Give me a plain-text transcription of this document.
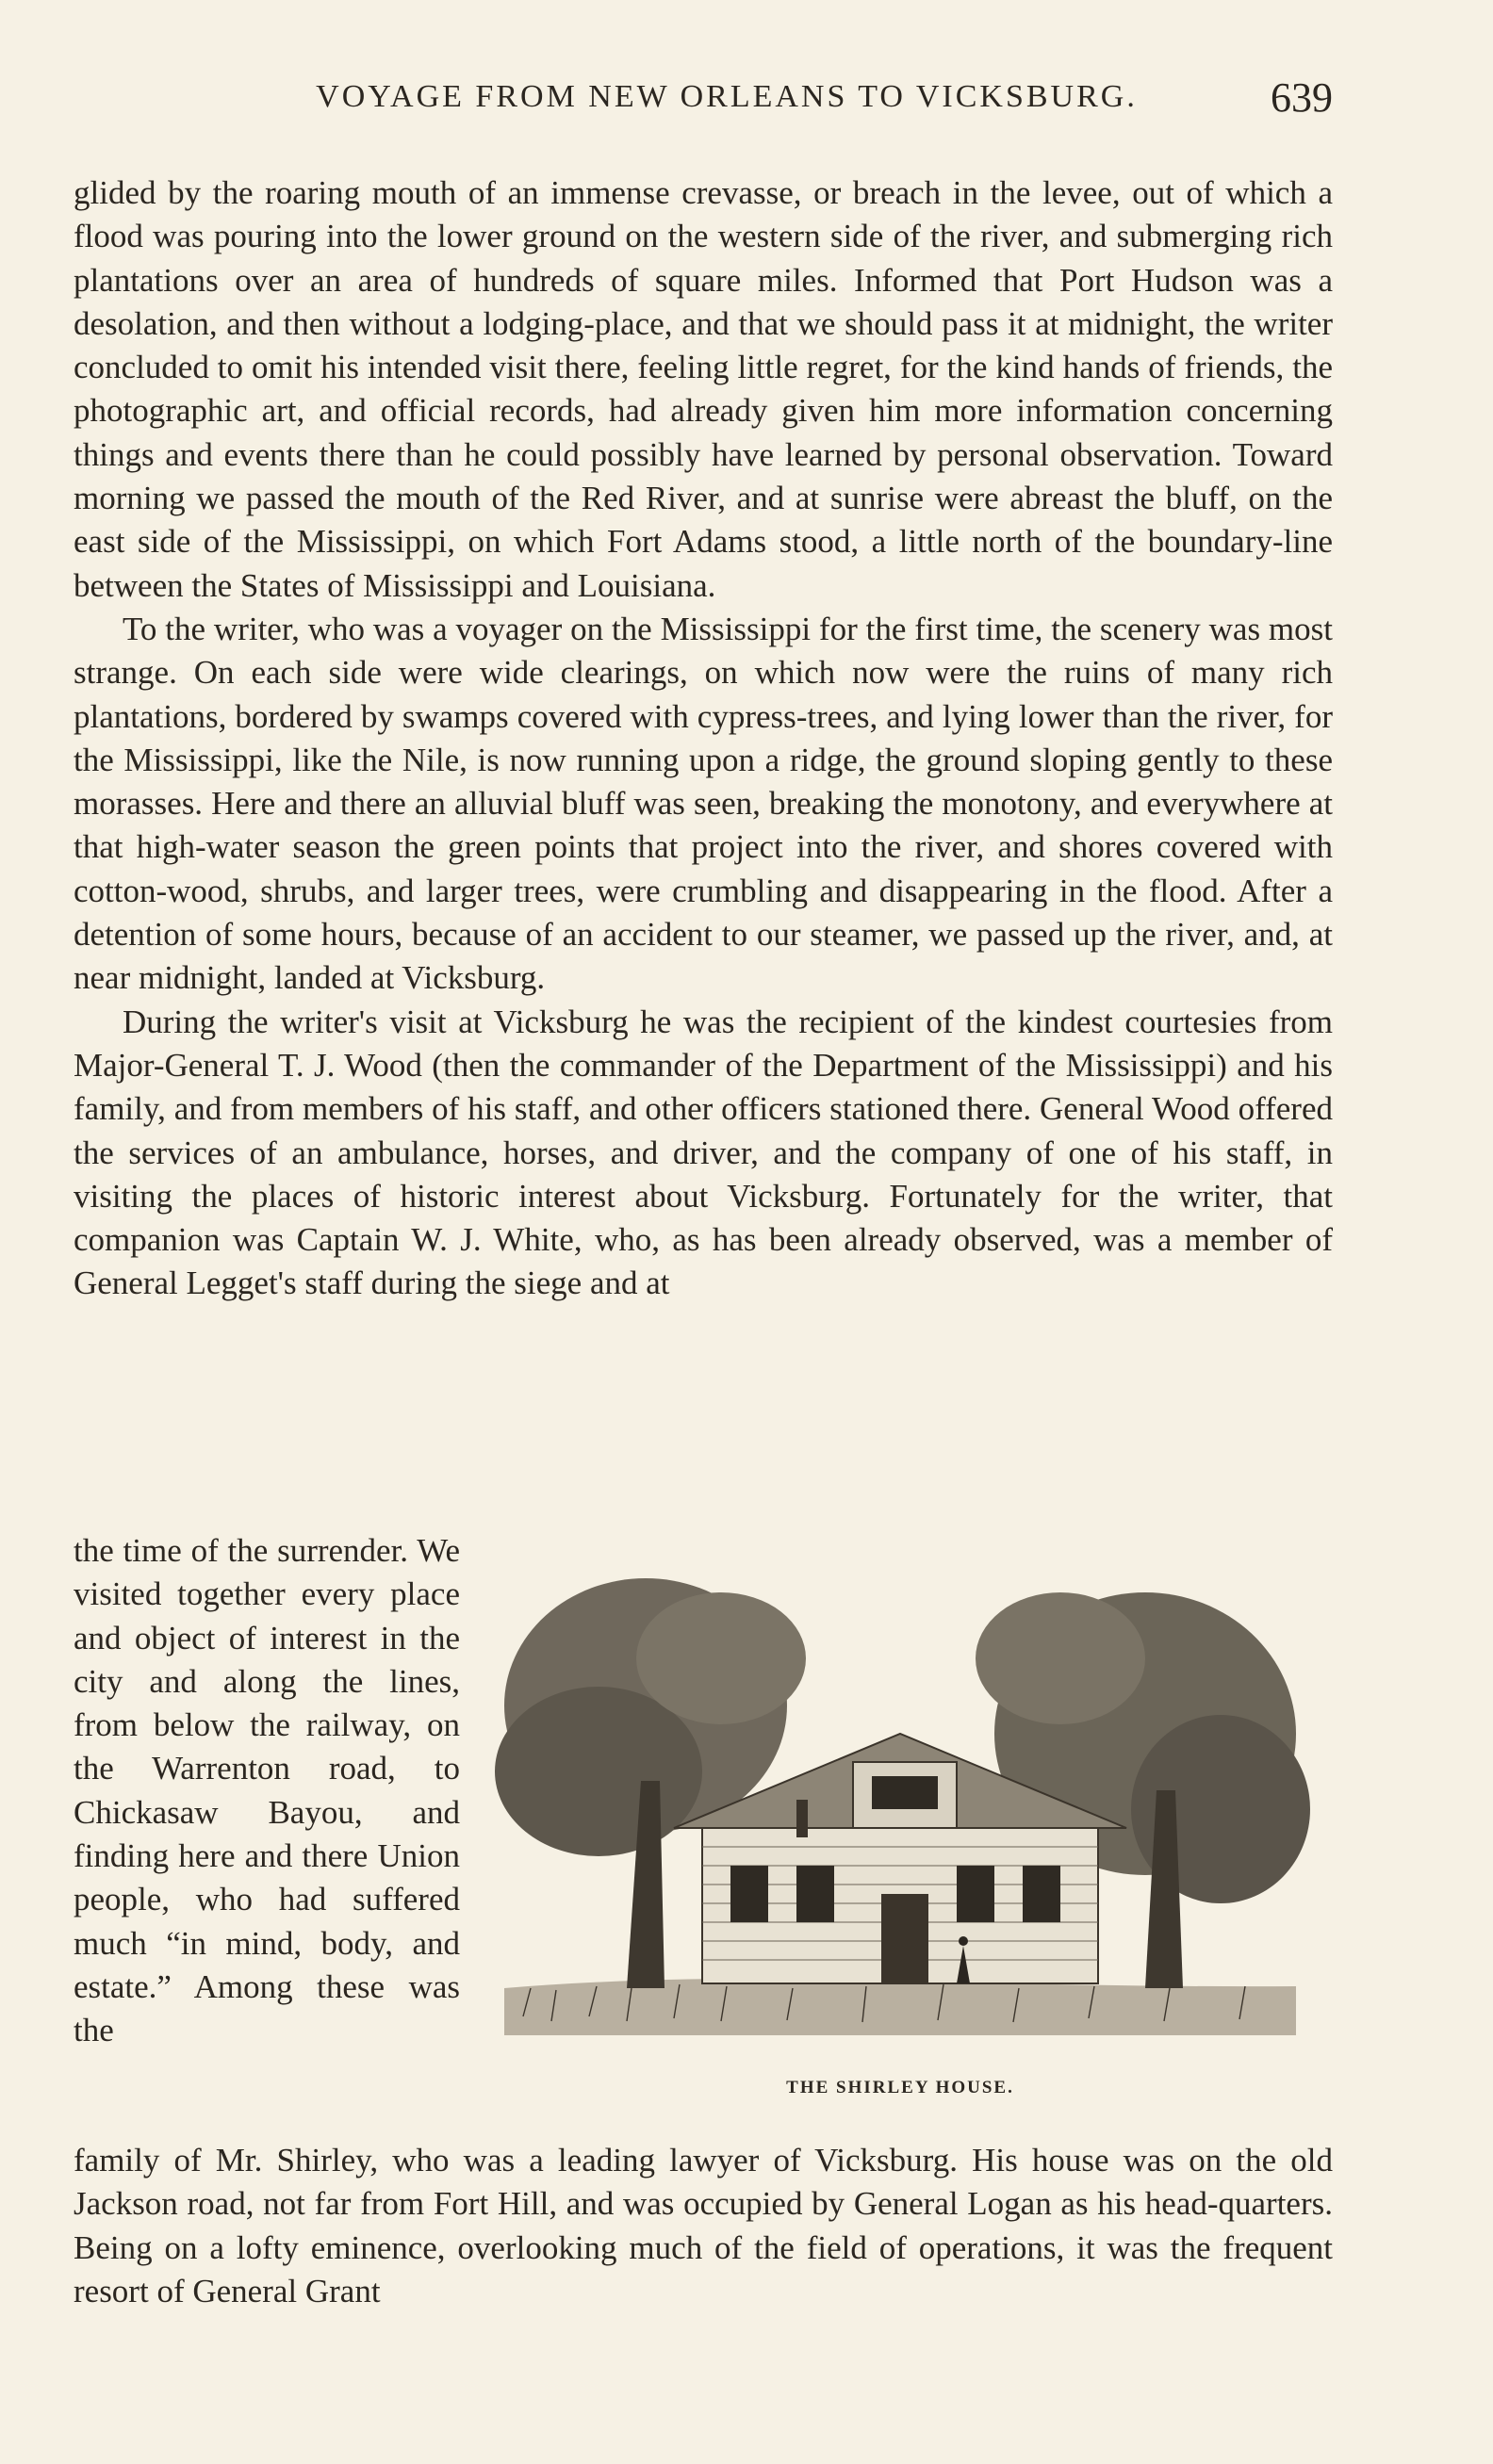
VOYAGE FROM NEW ORLEANS TO VICKSBURG.	639

glided by the roaring mouth of an immense crevasse, or breach in the levee, out of which a flood was pouring into the lower ground on the western side of the river, and submerging rich plantations over an area of hundreds of square miles. Informed that Port Hudson was a desolation, and then without a lodging-place, and that we should pass it at midnight, the writer concluded to omit his intended visit there, feeling little regret, for the kind hands of friends, the photographic art, and official records, had already given him more information concerning things and events there than he could possibly have learned by personal observation. Toward morning we passed the mouth of the Red River, and at sunrise were abreast the bluff, on the east side of the Mississippi, on which Fort Adams stood, a little north of the boundary-line between the States of Mississippi and Louisiana.

To the writer, who was a voyager on the Mississippi for the first time, the scenery was most strange. On each side were wide clearings, on which now were the ruins of many rich plantations, bordered by swamps covered with cypress-trees, and lying lower than the river, for the Mississippi, like the Nile, is now running upon a ridge, the ground sloping gently to these morasses. Here and there an alluvial bluff was seen, breaking the monotony, and everywhere at that high-water season the green points that project into the river, and shores covered with cotton-wood, shrubs, and larger trees, were crumbling and disappearing in the flood. After a detention of some hours, because of an accident to our steamer, we passed up the river, and, at near midnight, landed at Vicksburg.

During the writer's visit at Vicksburg he was the recipient of the kindest courtesies from Major-General T. J. Wood (then the commander of the Department of the Mississippi) and his family, and from members of his staff, and other officers stationed there. General Wood offered the services of an ambulance, horses, and driver, and the company of one of his staff, in visiting the places of historic interest about Vicksburg. Fortunately for the writer, that companion was Captain W. J. White, who, as has been already observed, was a member of General Legget's staff during the siege and at

the time of the surrender. We visited together every place and object of interest in the city and along the lines, from below the railway, on the Warrenton road, to Chickasaw Bayou, and finding here and there Union people, who had suffered much “in mind, body, and estate.” Among these was the

THE SHIRLEY HOUSE.

family of Mr. Shirley, who was a leading lawyer of Vicksburg. His house was on the old Jackson road, not far from Fort Hill, and was occupied by General Logan as his head-quarters. Being on a lofty eminence, overlooking much of the field of operations, it was the frequent resort of General Grant
